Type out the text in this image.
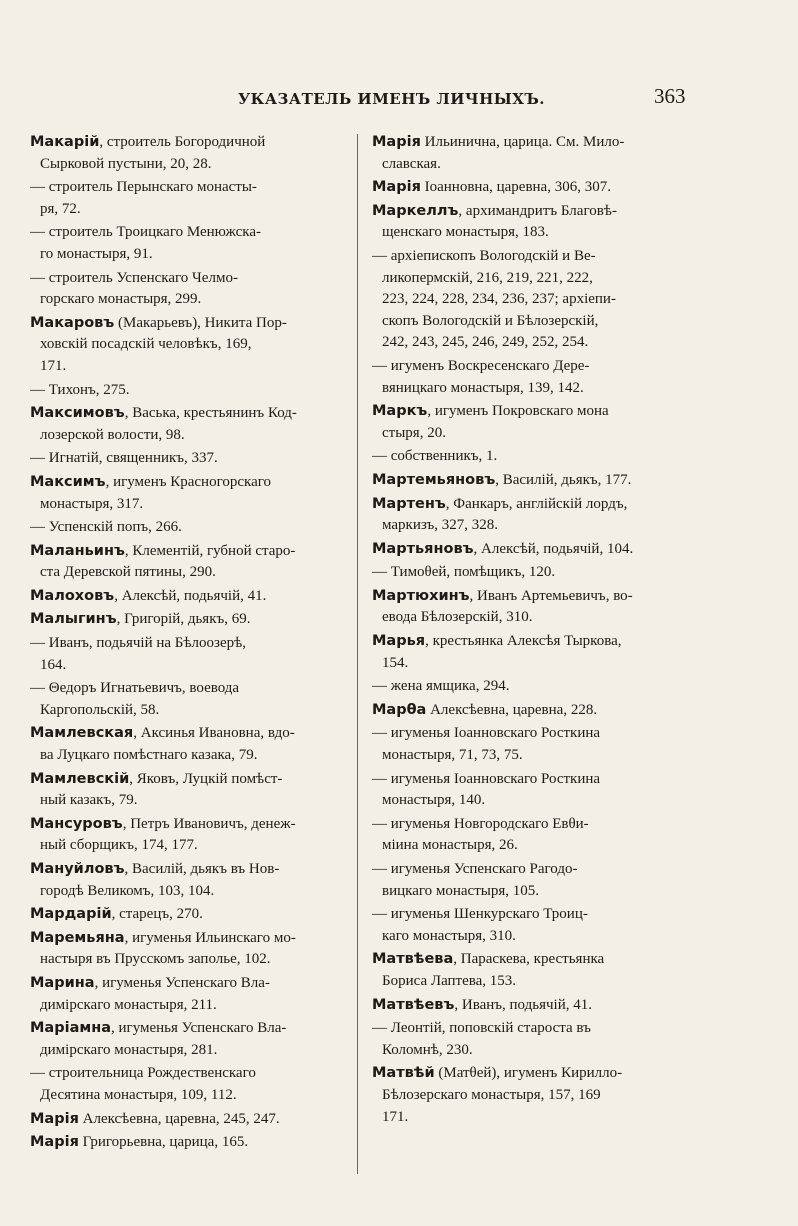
УКАЗАТЕЛЬ ИМЕНЪ ЛИЧНЫХЪ.	363
Макарій, строитель Богородичной
Сырковой пустыни, 20, 28.
— строитель Перынскаго монасты-
ря, 72.
— строитель Троицкаго Менюжска-
го монастыря, 91.
— строитель Успенскаго Челмо-
горскаго монастыря, 299.
Макаровъ (Макарьевъ), Никита Пор-
ховскій посадскій человѣкъ, 169,
171.
— Тихонъ, 275.
Максимовъ, Васька, крестьянинъ Код-
лозерской волости, 98.
— Игнатій, священникъ, 337.
Максимъ, игуменъ Красногорскаго
монастыря, 317.
— Успенскій попъ, 266.
Маланьинъ, Клементій, губной старо-
ста Деревской пятины, 290.
Малоховъ, Алексѣй, подьячій, 41.
Малыгинъ, Григорій, дьякъ, 69.
— Иванъ, подьячій на Бѣлоозерѣ,
164.
— Θедоръ Игнатьевичъ, воевода
Каргопольскій, 58.
Мамлевская, Аксинья Ивановна, вдо-
ва Луцкаго помѣстнаго казака, 79.
Мамлевскій, Яковъ, Луцкій помѣст-
ный казакъ, 79.
Мансуровъ, Петръ Ивановичъ, денеж-
ный сборщикъ, 174, 177.
Мануйловъ, Василій, дьякъ въ Нов-
городѣ Великомъ, 103, 104.
Мардарій, старецъ, 270.
Маремьяна, игуменья Ильинскаго мо-
настыря въ Прусскомъ заполье, 102.
Марина, игуменья Успенскаго Вла-
димірскаго монастыря, 211.
Маріамна, игуменья Успенскаго Вла-
димірскаго монастыря, 281.
— строительница Рождественскаго
Десятина монастыря, 109, 112.
Марія Алексѣевна, царевна, 245, 247.
Марія Григорьевна, царица, 165.
Марія Ильинична, царица. См. Мило-
славская.
Марія Іоанновна, царевна, 306, 307.
Маркеллъ, архимандритъ Благовѣ-
щенскаго монастыря, 183.
— архіепископъ Вологодскій и Ве-
ликопермскій, 216, 219, 221, 222,
223, 224, 228, 234, 236, 237; архіепи-
скопъ Вологодскій и Бѣлозерскій,
242, 243, 245, 246, 249, 252, 254.
— игуменъ Воскресенскаго Дере-
вяницкаго монастыря, 139, 142.
Маркъ, игуменъ Покровскаго мона
стыря, 20.
— собственникъ, 1.
Мартемьяновъ, Василій, дьякъ, 177.
Мартенъ, Фанкаръ, англійскій лордъ,
маркизъ, 327, 328.
Мартьяновъ, Алексѣй, подьячій, 104.
— Тимоθей, помѣщикъ, 120.
Мартюхинъ, Иванъ Артемьевичъ, во-
евода Бѣлозерскій, 310.
Марья, крестьянка Алексѣя Тыркова,
154.
— жена ямщика, 294.
Марθа Алексѣевна, царевна, 228.
— игуменья Іоанновскаго Росткина
монастыря, 71, 73, 75.
— игуменья Іоанновскаго Росткина
монастыря, 140.
— игуменья Новгородскаго Евθи-
міина монастыря, 26.
— игуменья Успенскаго Рагодо-
вицкаго монастыря, 105.
— игуменья Шенкурскаго Троиц-
каго монастыря, 310.
Матвѣева, Параскева, крестьянка
Бориса Лаптева, 153.
Матвѣевъ, Иванъ, подьячій, 41.
— Леонтій, поповскій староста въ
Коломнѣ, 230.
Матвѣй (Матθей), игуменъ Кирилло-
Бѣлозерскаго монастыря, 157, 169
171.
